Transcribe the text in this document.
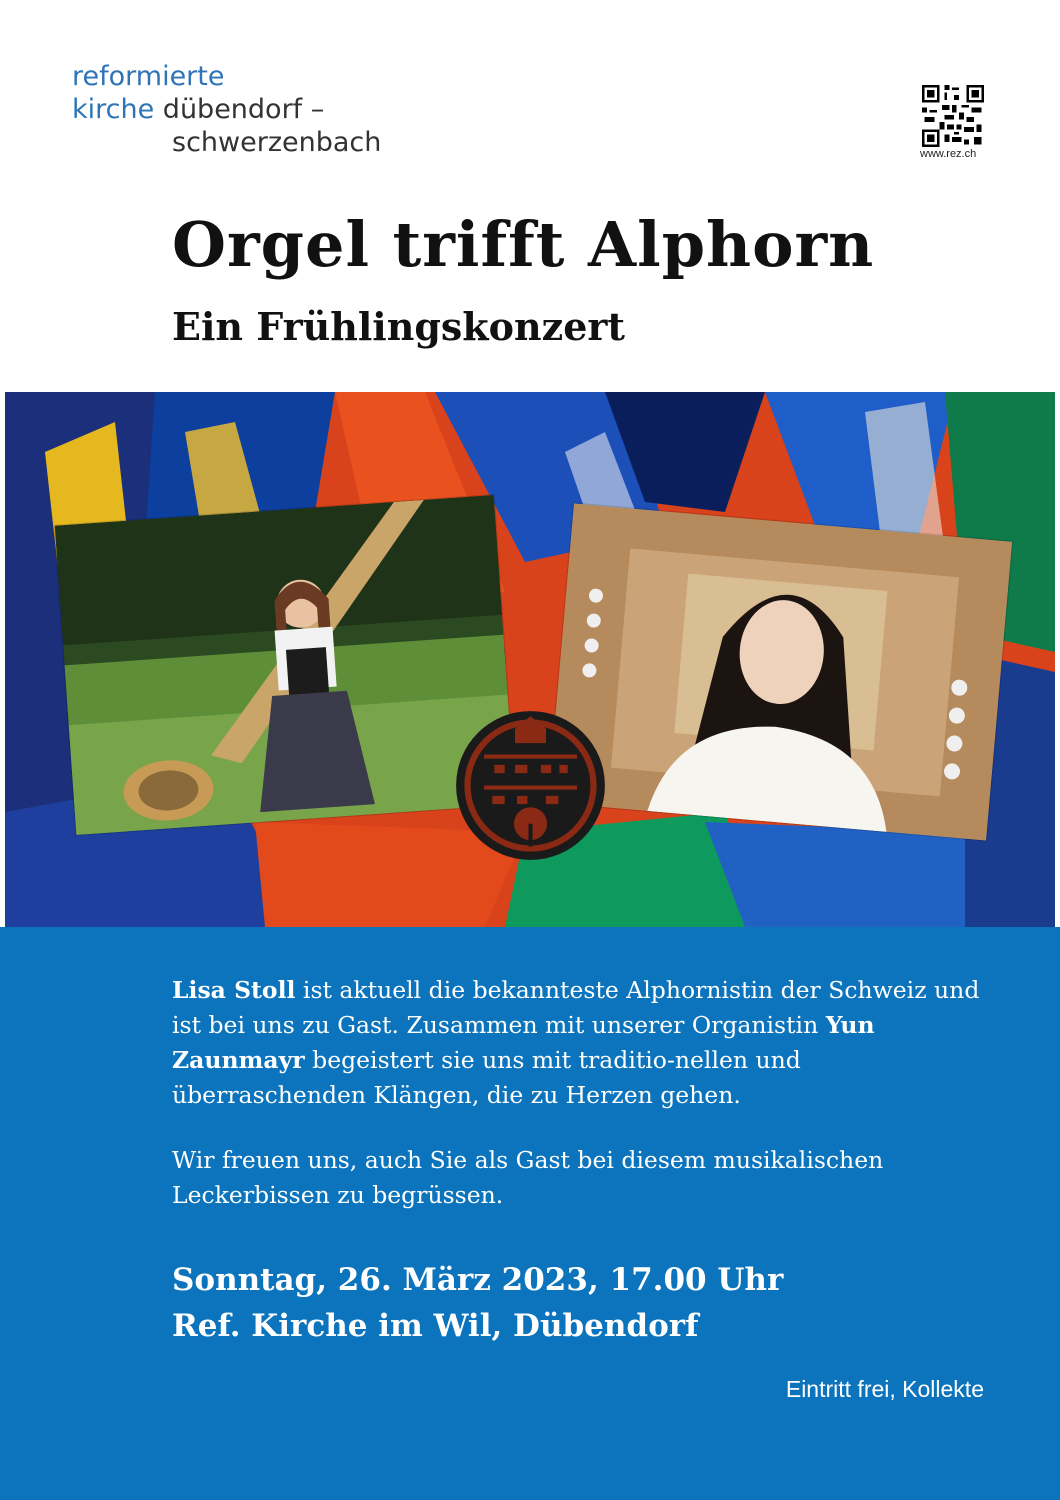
reformierte
kirche dübendorf –
schwerzenbach	www.rez.ch
Orgel trifft Alphorn
Ein Frühlingskonzert

Lisa Stoll ist aktuell die bekannteste Alphornistin der Schweiz und ist bei uns zu Gast. Zusammen mit unserer Organistin Yun Zaunmayr begeistert sie uns mit traditio-nellen und überraschenden Klängen, die zu Herzen gehen.

Wir freuen uns, auch Sie als Gast bei diesem musikalischen Leckerbissen zu begrüssen.

Sonntag, 26. März 2023, 17.00 Uhr

Ref. Kirche im Wil, Dübendorf

Eintritt frei, Kollekte
